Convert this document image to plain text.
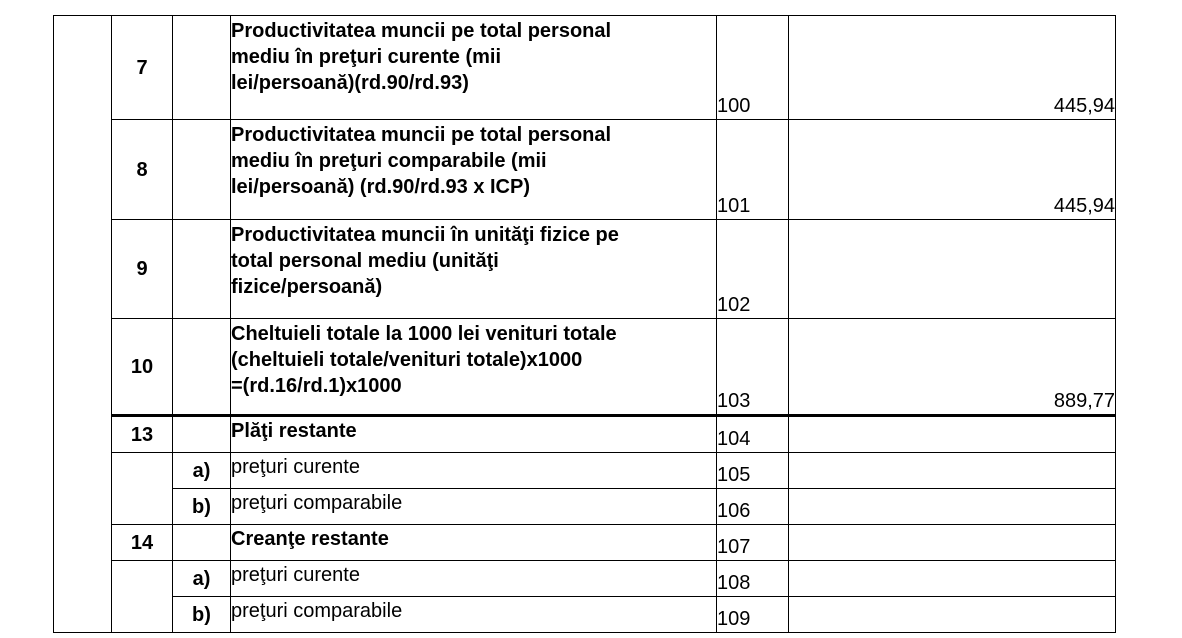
	7		Productivitatea muncii pe total personal
mediu în preţuri curente (mii
lei/persoană)(rd.90/rd.93)	100	445,94
	8		Productivitatea muncii pe total personal
mediu în preţuri comparabile (mii
lei/persoană) (rd.90/rd.93 x ICP)	101	445,94
	9		Productivitatea muncii în unităţi fizice pe
total personal mediu (unităţi
fizice/persoană)	102	
	10		Cheltuieli totale la 1000 lei venituri totale
(cheltuieli totale/venituri totale)x1000
=(rd.16/rd.1)x1000	103	889,77
	13		Plăţi restante	104	
		a)	preţuri curente	105	
		b)	preţuri comparabile	106	
	14		Creanţe restante	107	
		a)	preţuri curente	108	
		b)	preţuri comparabile	109	
